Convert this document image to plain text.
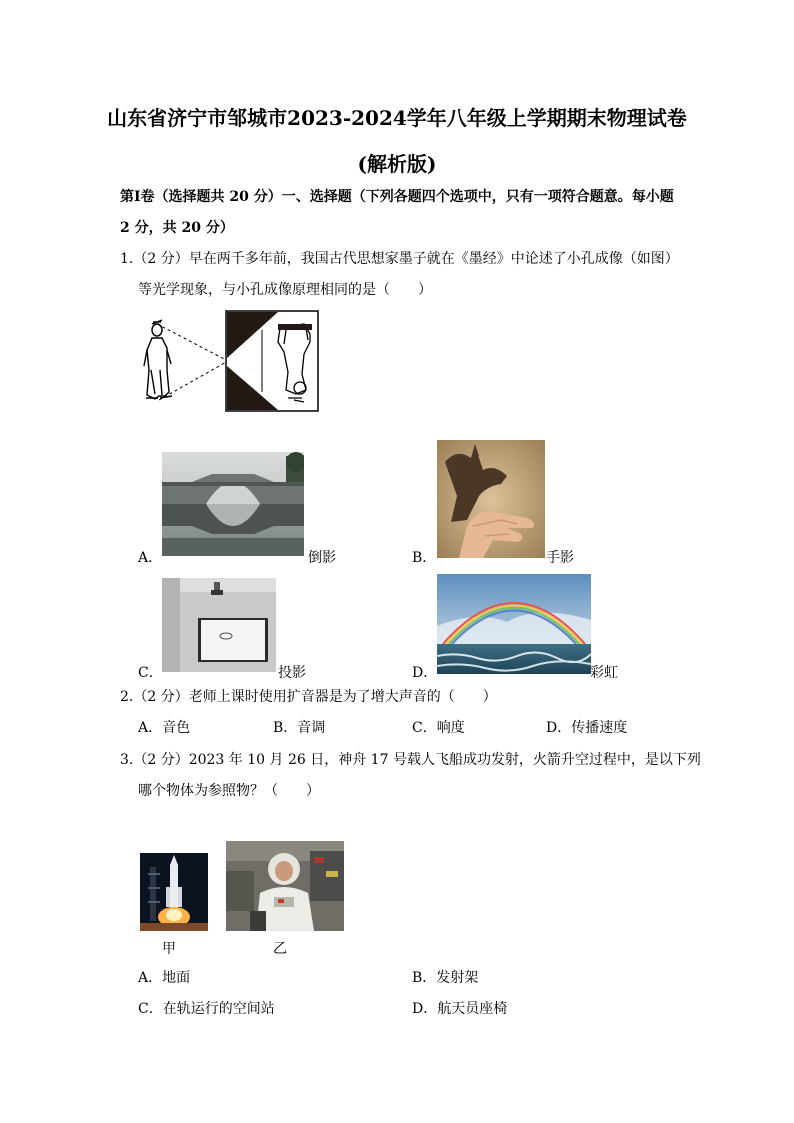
山东省济宁市邹城市2023-2024学年八年级上学期期末物理试卷
(解析版)
第Ⅰ卷（选择题共 20 分）一、选择题（下列各题四个选项中，只有一项符合题意。每小题
2 分，共 20 分）
1.（2 分）早在两千多年前，我国古代思想家墨子就在《墨经》中论述了小孔成像（如图）
等光学现象，与小孔成像原理相同的是（　　）
A．	倒影	B．	手影
C．	投影	D．	彩虹
2.（2 分）老师上课时使用扩音器是为了增大声音的（　　）
A．音色	B．音调	C．响度	D．传播速度
3.（2 分）2023 年 10 月 26 日，神舟 17 号载人飞船成功发射，火箭升空过程中，是以下列
哪个物体为参照物？（　　）
甲	乙
A．地面	B．发射架
C．在轨运行的空间站	D．航天员座椅
